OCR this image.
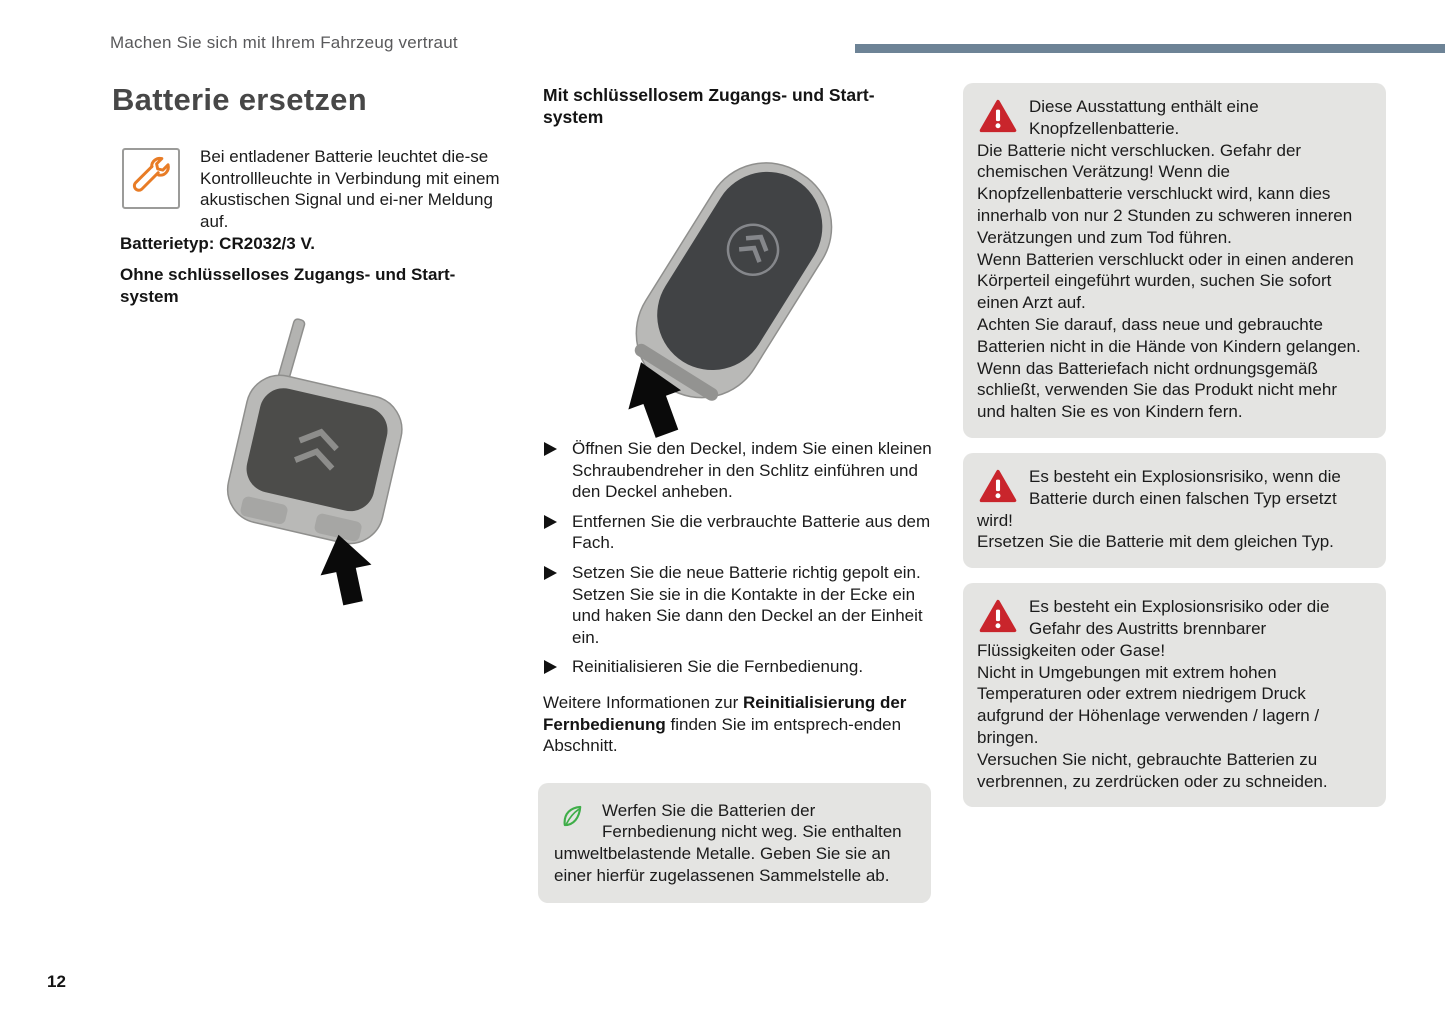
Machen Sie sich mit Ihrem Fahrzeug vertraut
Batterie ersetzen

Bei entladener Batterie leuchtet die-se Kontrollleuchte in Verbindung mit einem akustischen Signal und ei-ner Meldung auf.

Batterietyp: CR2032/3 V.
Ohne schlüsselloses Zugangs- und Start-system
Mit schlüssellosem Zugangs- und Start-system
Öffnen Sie den Deckel, indem Sie einen kleinen Schraubendreher in den Schlitz einführen und den Deckel anheben.
Entfernen Sie die verbrauchte Batterie aus dem Fach.
Setzen Sie die neue Batterie richtig gepolt ein. Setzen Sie sie in die Kontakte in der Ecke ein und haken Sie dann den Deckel an der Einheit ein.
Reinitialisieren Sie die Fernbedienung.

Weitere Informationen zur Reinitialisierung der Fernbedienung finden Sie im entsprech-enden Abschnitt.

Werfen Sie die Batterien der Fernbedienung nicht weg. Sie enthalten umweltbelastende Metalle. Geben Sie sie an einer hierfür zugelassenen Sammelstelle ab.

Diese Ausstattung enthält eine Knopfzellenbatterie.

Die Batterie nicht verschlucken. Gefahr der chemischen Verätzung! Wenn die Knopfzellenbatterie verschluckt wird, kann dies innerhalb von nur 2 Stunden zu schweren inneren Verätzungen und zum Tod führen.

Wenn Batterien verschluckt oder in einen anderen Körperteil eingeführt wurden, suchen Sie sofort einen Arzt auf.

Achten Sie darauf, dass neue und gebrauchte Batterien nicht in die Hände von Kindern gelangen.

Wenn das Batteriefach nicht ordnungsgemäß schließt, verwenden Sie das Produkt nicht mehr und halten Sie es von Kindern fern.

Es besteht ein Explosionsrisiko, wenn die Batterie durch einen falschen Typ ersetzt wird!

Ersetzen Sie die Batterie mit dem gleichen Typ.

Es besteht ein Explosionsrisiko oder die Gefahr des Austritts brennbarer Flüssigkeiten oder Gase!

Nicht in Umgebungen mit extrem hohen Temperaturen oder extrem niedrigem Druck aufgrund der Höhenlage verwenden / lagern / bringen.

Versuchen Sie nicht, gebrauchte Batterien zu verbrennen, zu zerdrücken oder zu schneiden.

12
